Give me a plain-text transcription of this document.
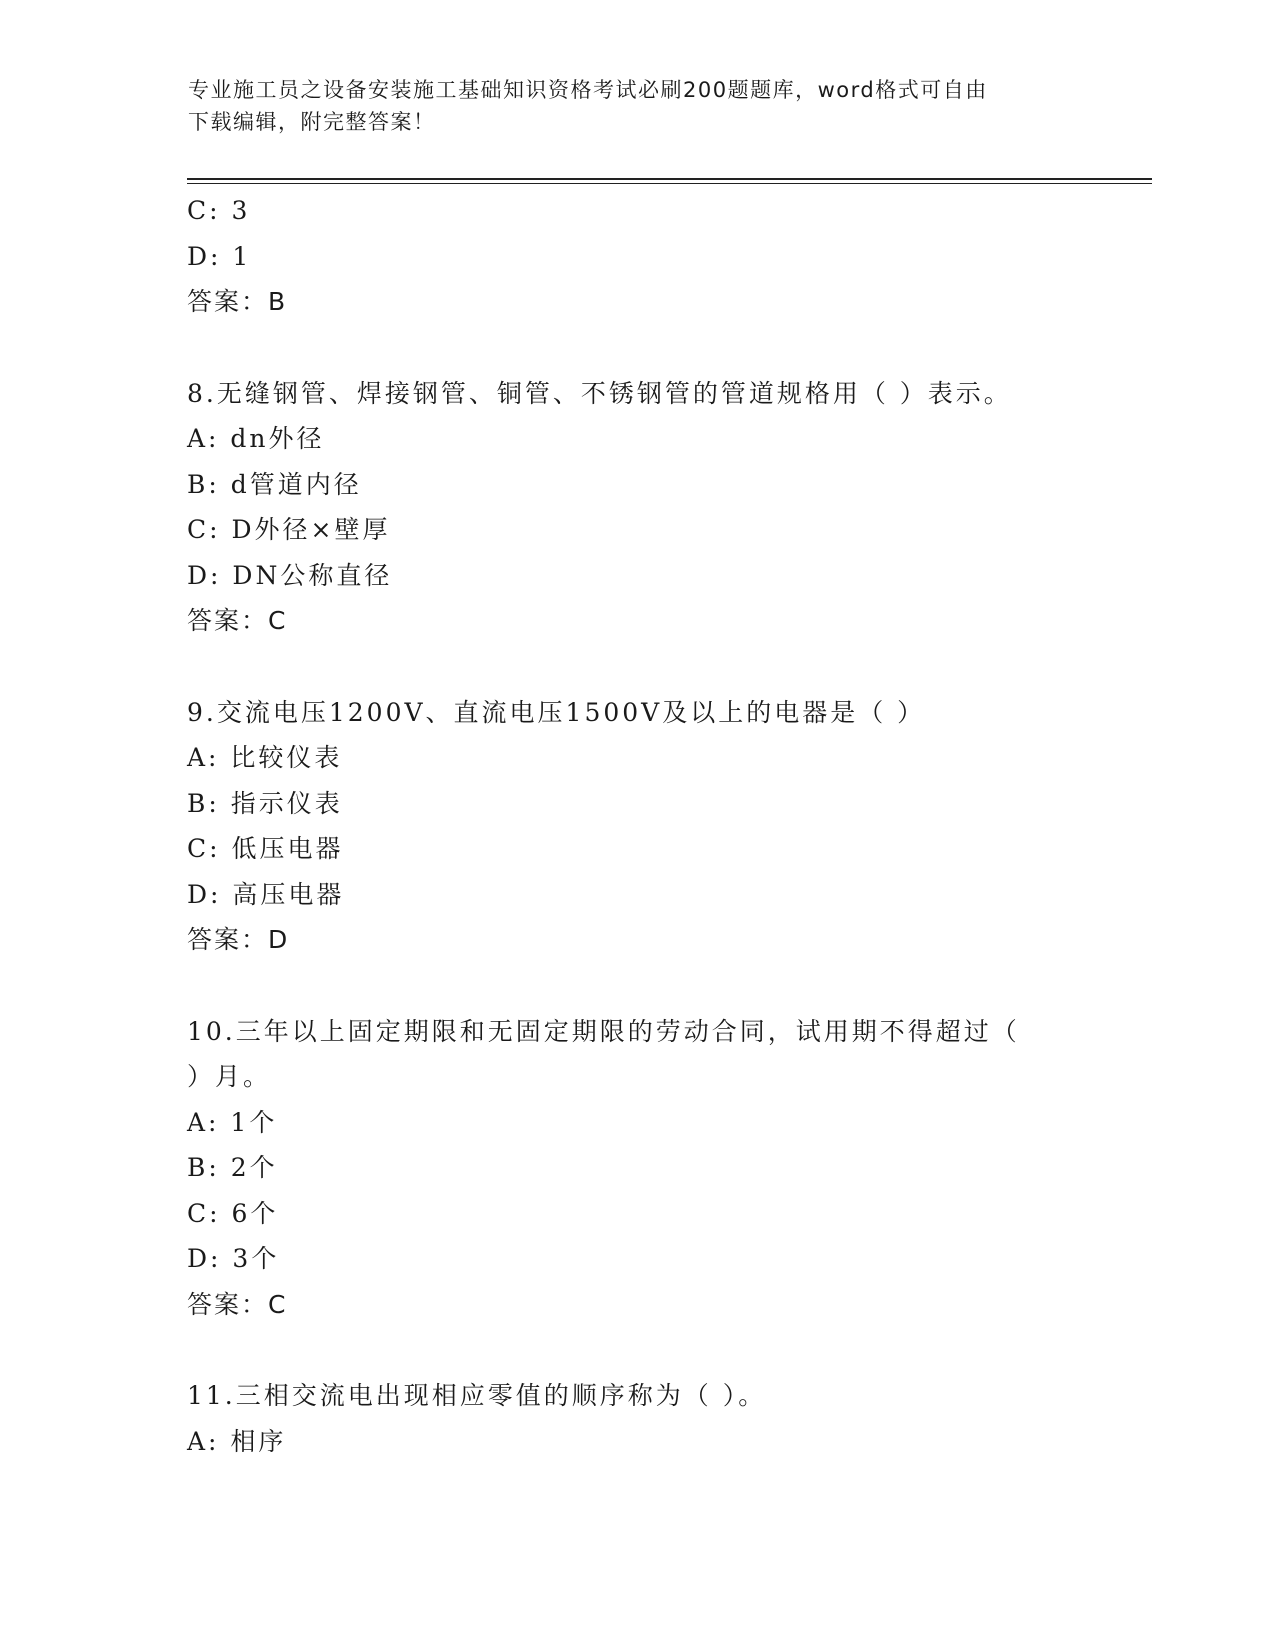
专业施工员之设备安装施工基础知识资格考试必刷200题题库，word格式可自由
下载编辑，附完整答案！
C: 3
D: 1
答案：B
8.无缝钢管、焊接钢管、铜管、不锈钢管的管道规格用（ ）表示。
A: dn外径
B: d管道内径
C: D外径×壁厚
D: DN公称直径
答案：C
9.交流电压1200V、直流电压1500V及以上的电器是（ ）
A: 比较仪表
B: 指示仪表
C: 低压电器
D: 高压电器
答案：D
10.三年以上固定期限和无固定期限的劳动合同，试用期不得超过（
）月。
A: 1个
B: 2个
C: 6个
D: 3个
答案：C
11.三相交流电出现相应零值的顺序称为（ ）。
A: 相序
